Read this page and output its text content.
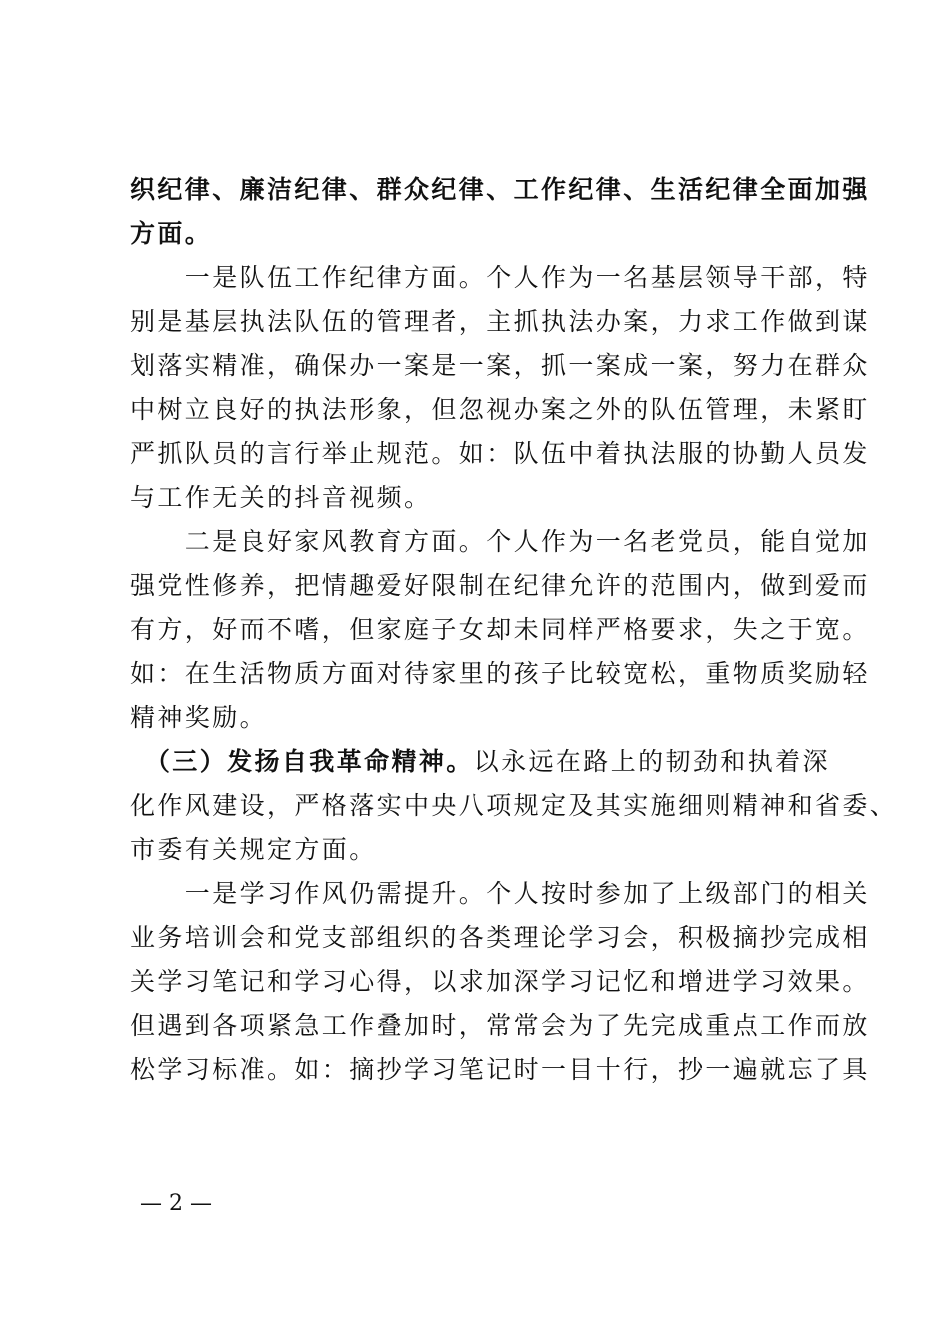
织纪律、廉洁纪律、群众纪律、工作纪律、生活纪律全面加强
方面。
　　一是队伍工作纪律方面。个人作为一名基层领导干部，特
别是基层执法队伍的管理者，主抓执法办案，力求工作做到谋
划落实精准，确保办一案是一案，抓一案成一案，努力在群众
中树立良好的执法形象，但忽视办案之外的队伍管理，未紧盯
严抓队员的言行举止规范。如：队伍中着执法服的协勤人员发
与工作无关的抖音视频。
　　二是良好家风教育方面。个人作为一名老党员，能自觉加
强党性修养，把情趣爱好限制在纪律允许的范围内，做到爱而
有方，好而不嗜，但家庭子女却未同样严格要求，失之于宽。
如：在生活物质方面对待家里的孩子比较宽松，重物质奖励轻
精神奖励。
　（三）发扬自我革命精神。以永远在路上的韧劲和执着深
化作风建设，严格落实中央八项规定及其实施细则精神和省委、
市委有关规定方面。
　　一是学习作风仍需提升。个人按时参加了上级部门的相关
业务培训会和党支部组织的各类理论学习会，积极摘抄完成相
关学习笔记和学习心得，以求加深学习记忆和增进学习效果。
但遇到各项紧急工作叠加时，常常会为了先完成重点工作而放
松学习标准。如：摘抄学习笔记时一目十行，抄一遍就忘了具
— 2 —
